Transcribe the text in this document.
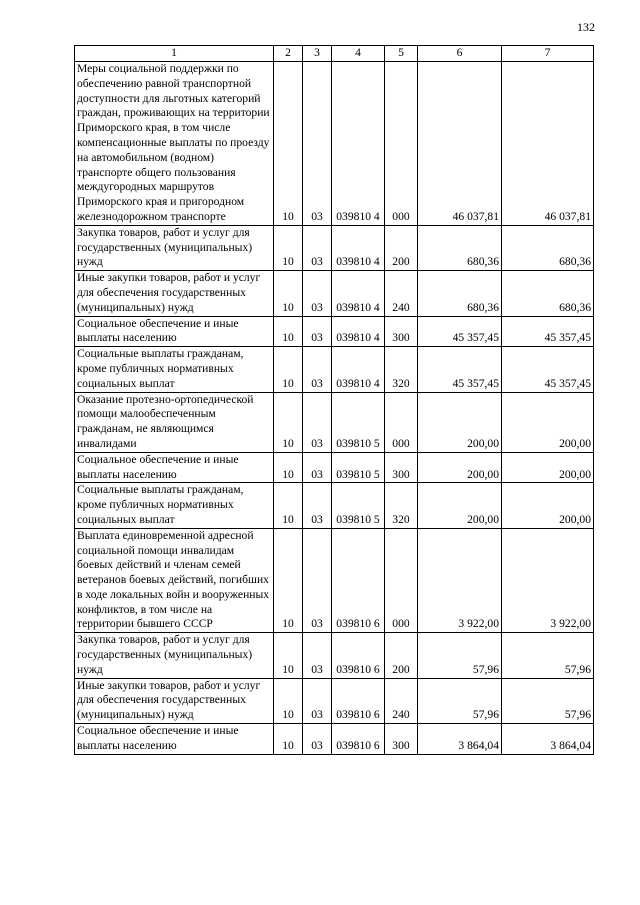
132
1	2	3	4	5	6	7
Меры социальной поддержки по обеспечению равной транспортной доступности для льготных категорий граждан, проживающих на территории Приморского края, в том числе компенсационные выплаты по проезду на автомобильном (водном) транспорте общего пользования междугородных маршрутов Приморского края и пригородном железнодорожном транспорте	10	03	039810 4	000	46 037,81	46 037,81
Закупка товаров, работ и услуг для государственных (муниципальных) нужд	10	03	039810 4	200	680,36	680,36
Иные закупки товаров, работ и услуг для обеспечения государственных (муниципальных) нужд	10	03	039810 4	240	680,36	680,36
Социальное обеспечение и иные выплаты населению	10	03	039810 4	300	45 357,45	45 357,45
Социальные выплаты гражданам, кроме публичных нормативных социальных выплат	10	03	039810 4	320	45 357,45	45 357,45
Оказание протезно-ортопедической помощи малообеспеченным гражданам, не являющимся инвалидами	10	03	039810 5	000	200,00	200,00
Социальное обеспечение и иные выплаты населению	10	03	039810 5	300	200,00	200,00
Социальные выплаты гражданам, кроме публичных нормативных социальных выплат	10	03	039810 5	320	200,00	200,00
Выплата единовременной адресной социальной помощи инвалидам боевых действий и членам семей ветеранов боевых действий, погибших в ходе локальных войн и вооруженных конфликтов, в том числе на территории бывшего СССР	10	03	039810 6	000	3 922,00	3 922,00
Закупка товаров, работ и услуг для государственных (муниципальных) нужд	10	03	039810 6	200	57,96	57,96
Иные закупки товаров, работ и услуг для обеспечения государственных (муниципальных) нужд	10	03	039810 6	240	57,96	57,96
Социальное обеспечение и иные выплаты населению	10	03	039810 6	300	3 864,04	3 864,04
